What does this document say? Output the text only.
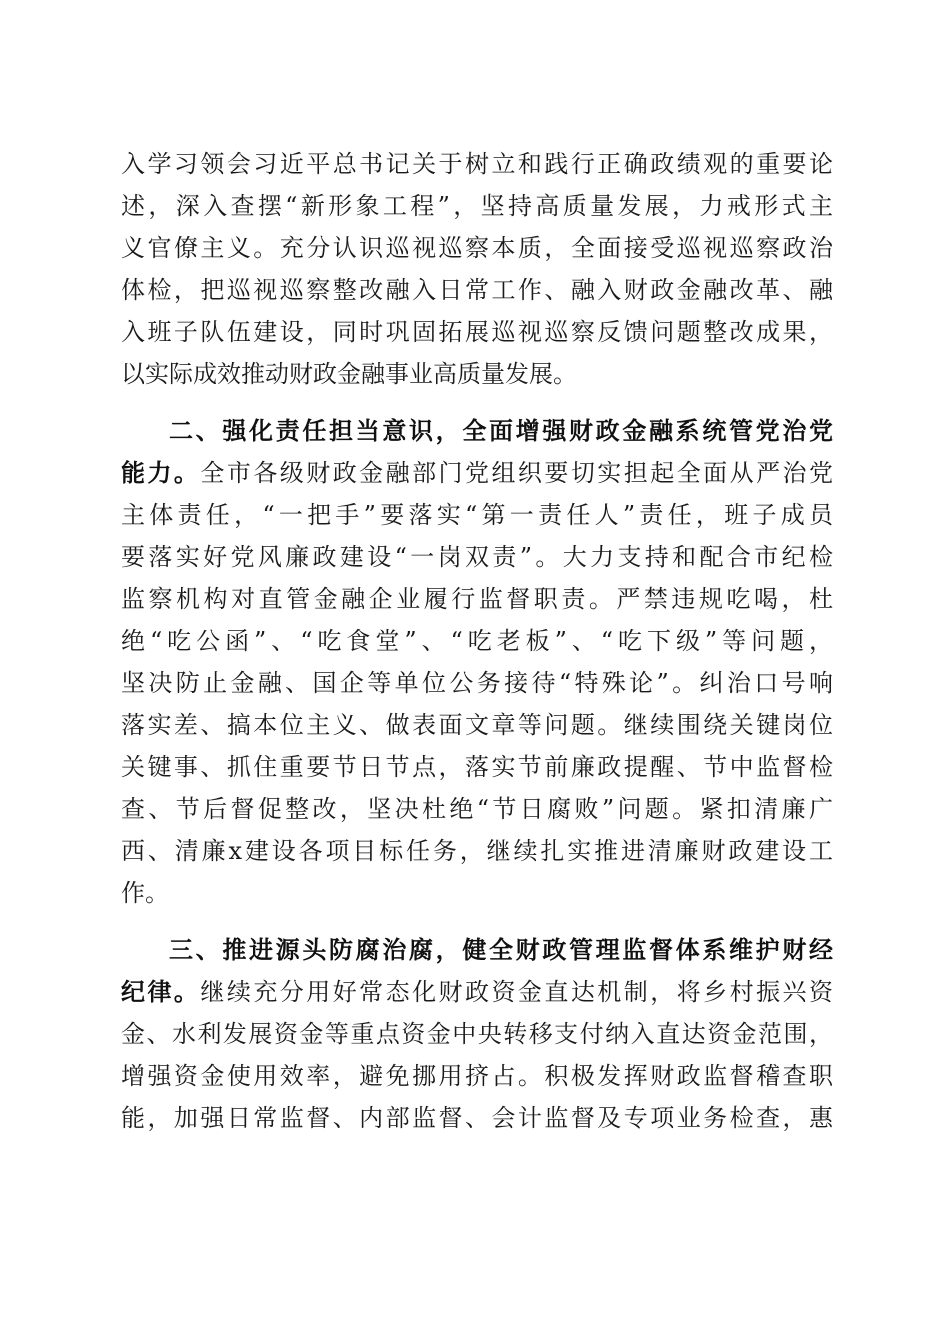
入学习领会习近平总书记关于树立和践行正确政绩观的重要论
述，深入查摆“新形象工程”，坚持高质量发展，力戒形式主
义官僚主义。充分认识巡视巡察本质，全面接受巡视巡察政治
体检，把巡视巡察整改融入日常工作、融入财政金融改革、融
入班子队伍建设，同时巩固拓展巡视巡察反馈问题整改成果，
以实际成效推动财政金融事业高质量发展。
二、强化责任担当意识，全面增强财政金融系统管党治党
能力。全市各级财政金融部门党组织要切实担起全面从严治党
主体责任，“一把手”要落实“第一责任人”责任，班子成员
要落实好党风廉政建设“一岗双责”。大力支持和配合市纪检
监察机构对直管金融企业履行监督职责。严禁违规吃喝，杜
绝“吃公函”、“吃食堂”、“吃老板”、“吃下级”等问题，
坚决防止金融、国企等单位公务接待“特殊论”。纠治口号响
落实差、搞本位主义、做表面文章等问题。继续围绕关键岗位
关键事、抓住重要节日节点，落实节前廉政提醒、节中监督检
查、节后督促整改，坚决杜绝“节日腐败”问题。紧扣清廉广
西、清廉x建设各项目标任务，继续扎实推进清廉财政建设工
作。
三、推进源头防腐治腐，健全财政管理监督体系维护财经
纪律。继续充分用好常态化财政资金直达机制，将乡村振兴资
金、水利发展资金等重点资金中央转移支付纳入直达资金范围，
增强资金使用效率，避免挪用挤占。积极发挥财政监督稽查职
能，加强日常监督、内部监督、会计监督及专项业务检查，惠
